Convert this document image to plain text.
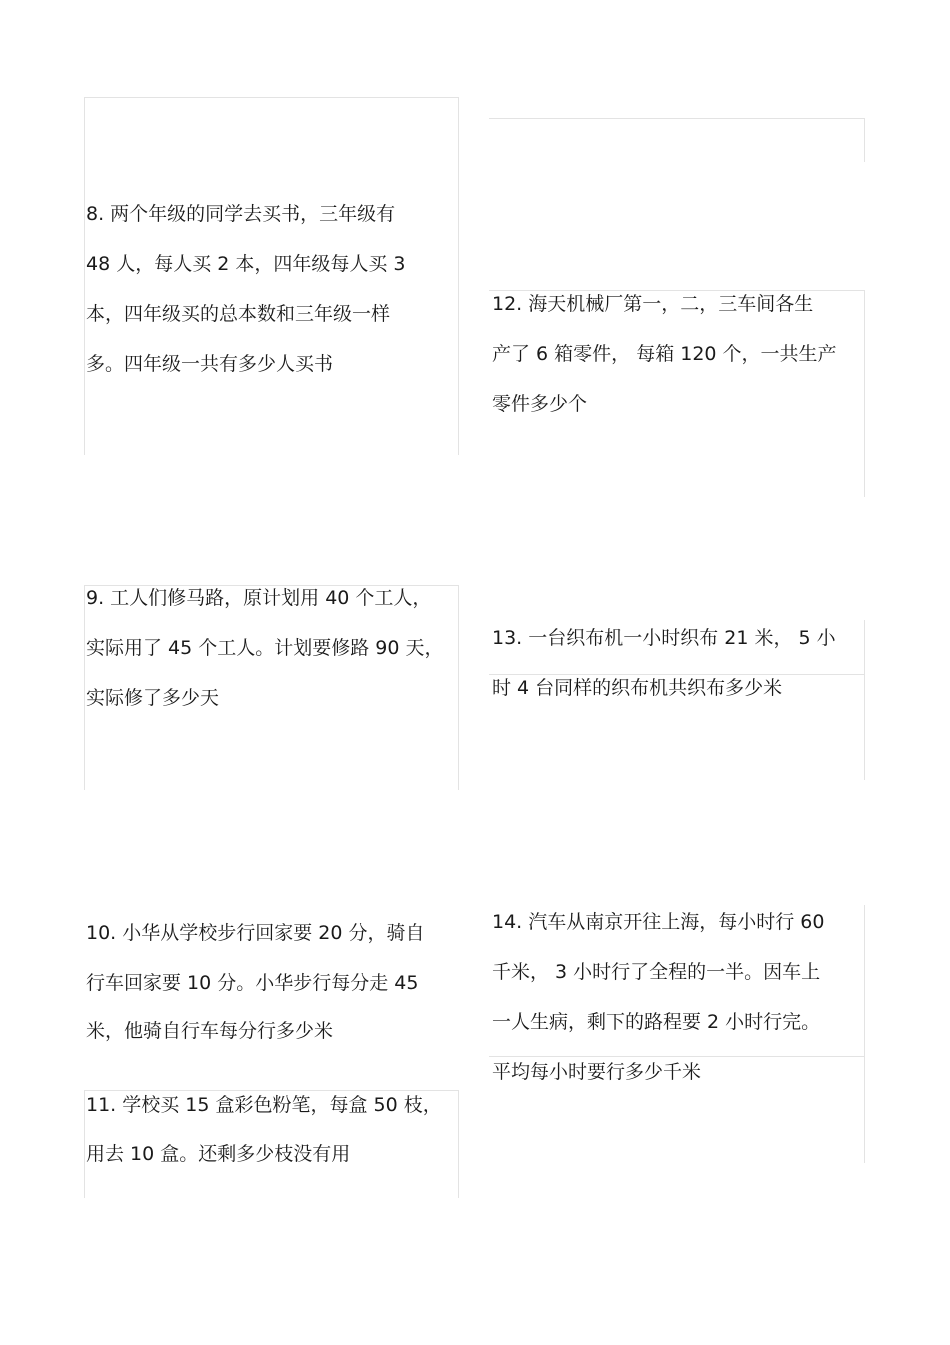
8. 两个年级的同学去买书，三年级有
48 人，每人买 2 本，四年级每人买 3
本，四年级买的总本数和三年级一样
多。四年级一共有多少人买书
9. 工人们修马路，原计划用 40 个工人，
实际用了 45 个工人。计划要修路 90 天，
实际修了多少天
10. 小华从学校步行回家要 20 分，骑自
行车回家要 10 分。小华步行每分走 45
米，他骑自行车每分行多少米
11. 学校买 15 盒彩色粉笔，每盒 50 枝，
用去 10 盒。还剩多少枝没有用
12. 海天机械厂第一，二，三车间各生
产了 6 箱零件， 每箱 120 个，一共生产
零件多少个
13. 一台织布机一小时织布 21 米， 5 小
时 4 台同样的织布机共织布多少米
14. 汽车从南京开往上海，每小时行 60
千米， 3 小时行了全程的一半。因车上
一人生病，剩下的路程要 2 小时行完。
平均每小时要行多少千米
